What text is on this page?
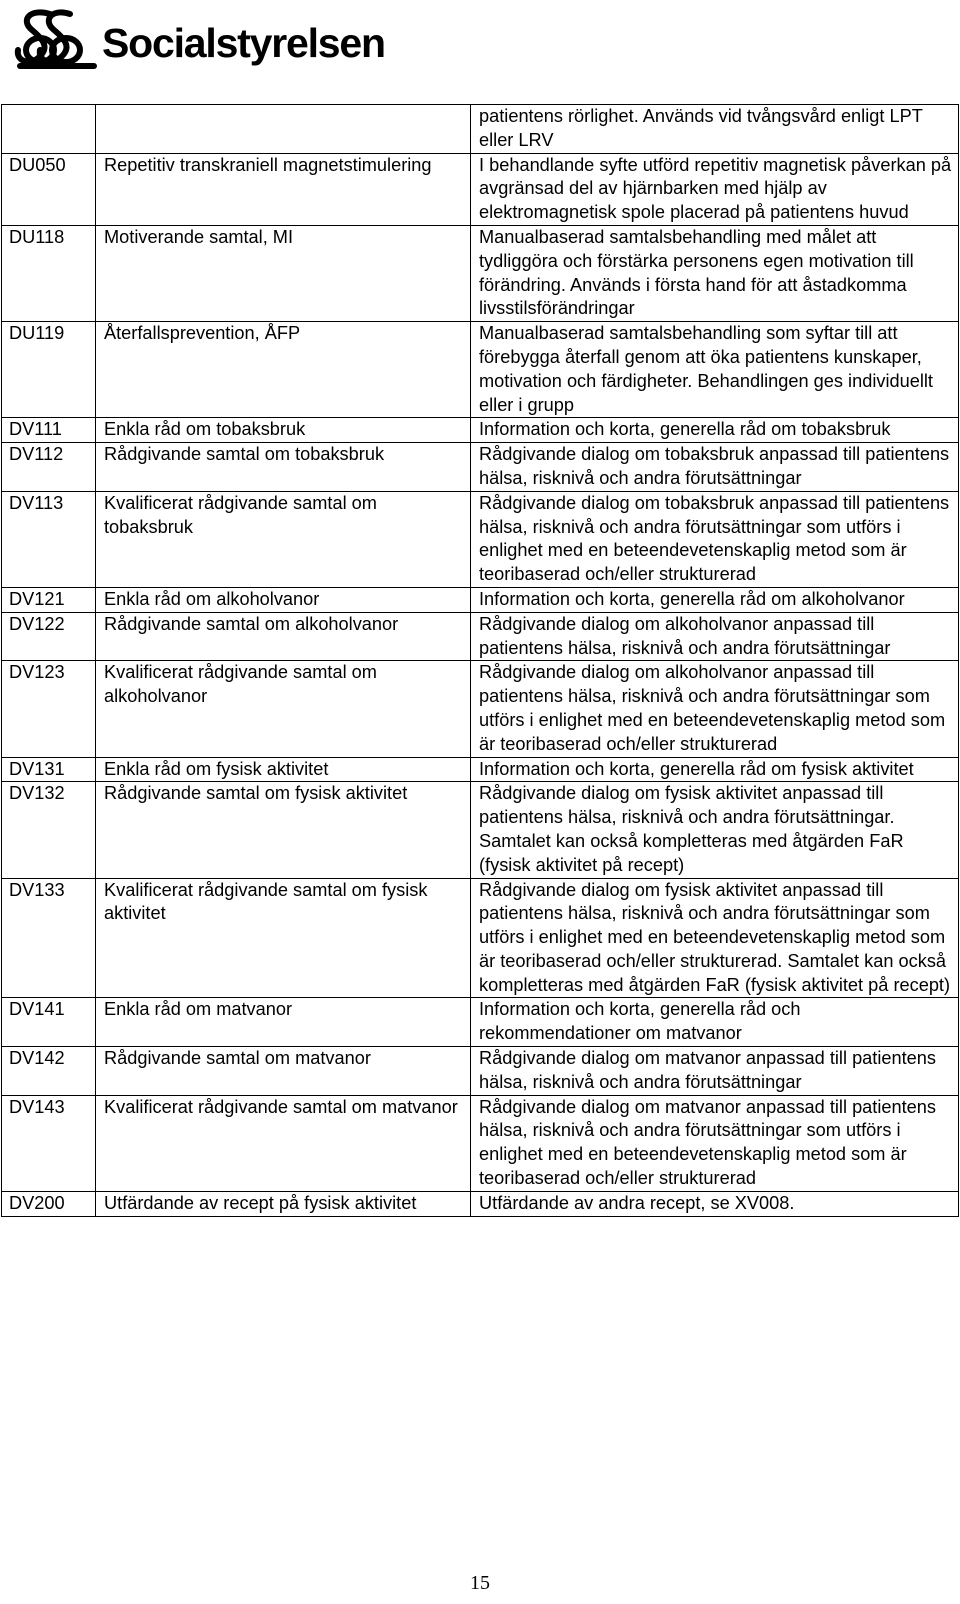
Socialstyrelsen

		patientens rörlighet. Används vid tvångsvård enligt LPT eller LRV

DU050	Repetitiv transkraniell magnetstimulering	I behandlande syfte utförd repetitiv magnetisk påverkan på avgränsad del av hjärnbarken med hjälp av elektromagnetisk spole placerad på patientens huvud

DU118	Motiverande samtal, MI	Manualbaserad samtalsbehandling med målet att tydliggöra och förstärka personens egen motivation till förändring. Används i första hand för att åstadkomma livsstilsförändringar

DU119	Återfallsprevention, ÅFP	Manualbaserad samtalsbehandling som syftar till att förebygga återfall genom att öka patientens kunskaper, motivation och färdigheter. Behandlingen ges individuellt eller i grupp

DV111	Enkla råd om tobaksbruk	Information och korta, generella råd om tobaksbruk

DV112	Rådgivande samtal om tobaksbruk	Rådgivande dialog om tobaksbruk anpassad till patientens hälsa, risknivå och andra förutsättningar

DV113	Kvalificerat rådgivande samtal om tobaksbruk	Rådgivande dialog om tobaksbruk anpassad till patientens hälsa, risknivå och andra förutsättningar som utförs i enlighet med en beteendevetenskaplig metod som är teoribaserad och/eller strukturerad

DV121	Enkla råd om alkoholvanor	Information och korta, generella råd om alkoholvanor

DV122	Rådgivande samtal om alkoholvanor	Rådgivande dialog om alkoholvanor anpassad till patientens hälsa, risknivå och andra förutsättningar

DV123	Kvalificerat rådgivande samtal om alkoholvanor	Rådgivande dialog om alkoholvanor anpassad till patientens hälsa, risknivå och andra förutsättningar som utförs i enlighet med en beteendevetenskaplig metod som är teoribaserad och/eller strukturerad

DV131	Enkla råd om fysisk aktivitet	Information och korta, generella råd om fysisk aktivitet

DV132	Rådgivande samtal om fysisk aktivitet	Rådgivande dialog om fysisk aktivitet anpassad till patientens hälsa, risknivå och andra förutsättningar. Samtalet kan också kompletteras med åtgärden FaR (fysisk aktivitet på recept)

DV133	Kvalificerat rådgivande samtal om fysisk aktivitet	Rådgivande dialog om fysisk aktivitet anpassad till patientens hälsa, risknivå och andra förutsättningar som utförs i enlighet med en beteendevetenskaplig metod som är teoribaserad och/eller strukturerad. Samtalet kan också kompletteras med åtgärden FaR (fysisk aktivitet på recept)

DV141	Enkla råd om matvanor	Information och korta, generella råd och rekommendationer om matvanor

DV142	Rådgivande samtal om matvanor	Rådgivande dialog om matvanor anpassad till patientens hälsa, risknivå och andra förutsättningar

DV143	Kvalificerat rådgivande samtal om matvanor	Rådgivande dialog om matvanor anpassad till patientens hälsa, risknivå och andra förutsättningar som utförs i enlighet med en beteendevetenskaplig metod som är teoribaserad och/eller strukturerad

DV200	Utfärdande av recept på fysisk aktivitet	Utfärdande av andra recept, se XV008.
15
